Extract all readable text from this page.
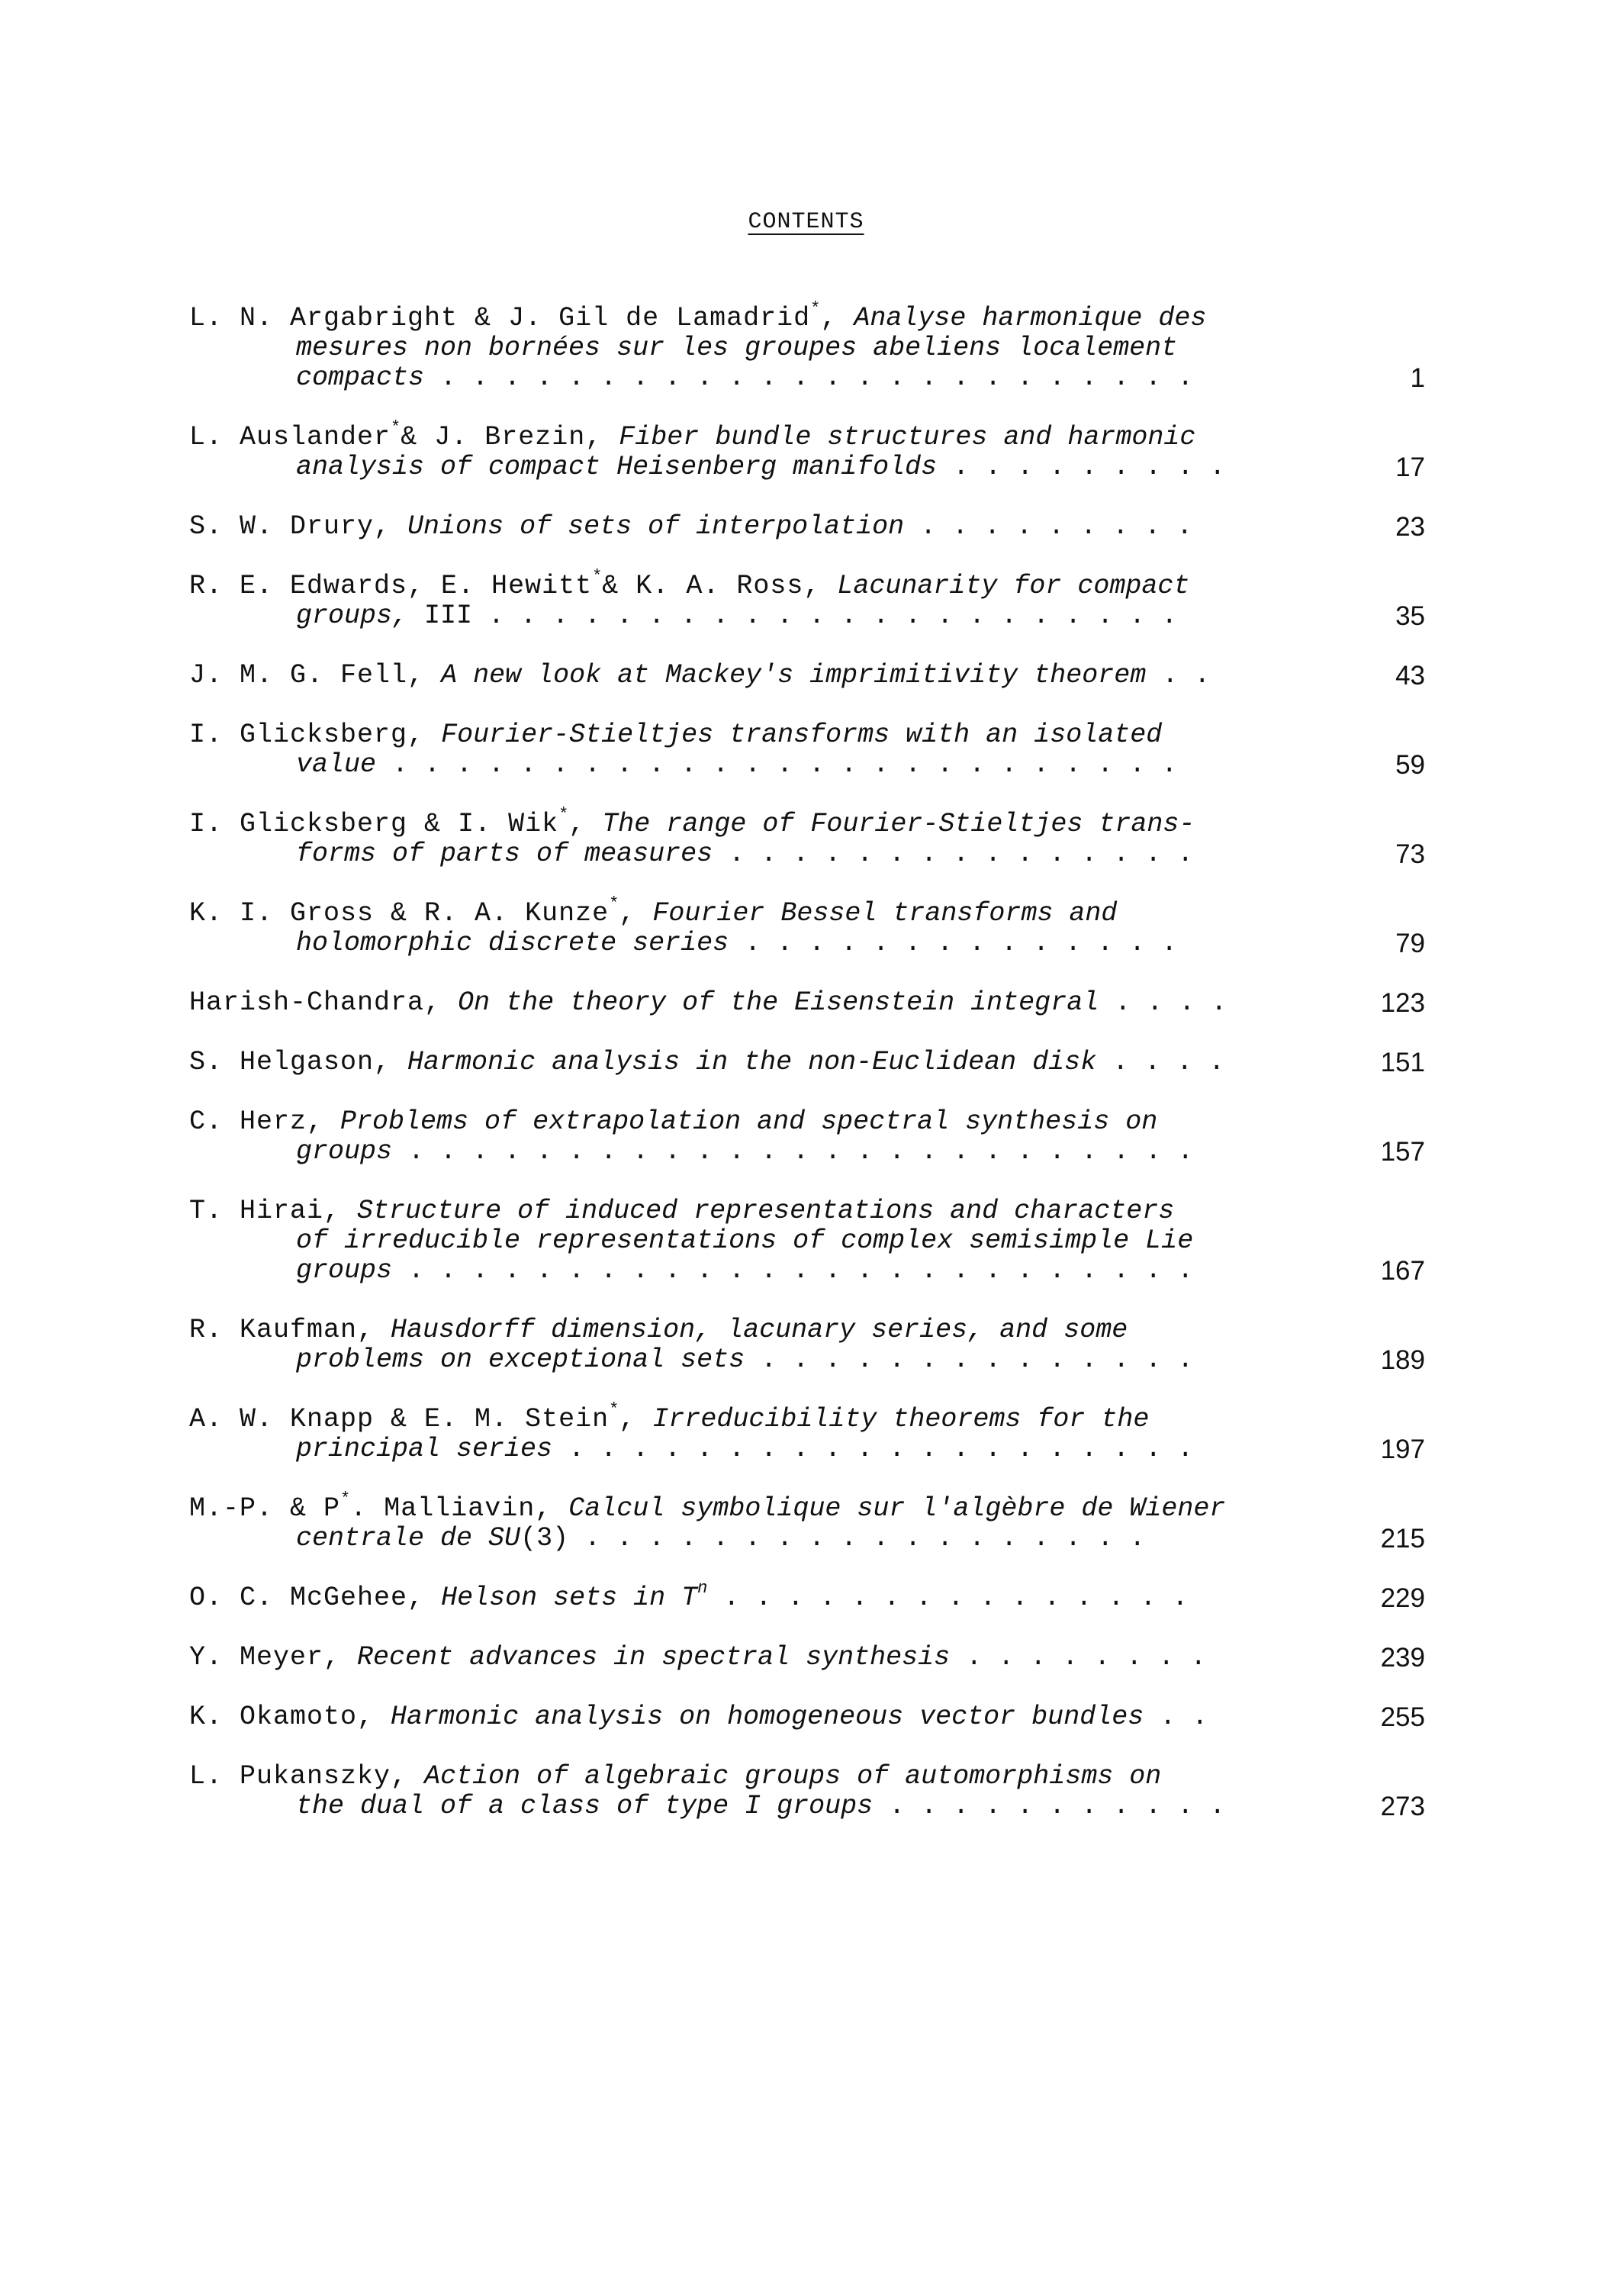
CONTENTS
L. N. Argabright & J. Gil de Lamadrid*, Analyse harmonique des
mesures non bornées sur les groupes abeliens localement
compacts . . . . . . . . . . . . . . . . . . . . . . . .	1
L. Auslander*& J. Brezin, Fiber bundle structures and harmonic
analysis of compact Heisenberg manifolds . . . . . . . . .	17
S. W. Drury, Unions of sets of interpolation . . . . . . . . .	23
R. E. Edwards, E. Hewitt*& K. A. Ross, Lacunarity for compact
groups, III . . . . . . . . . . . . . . . . . . . . . .	35
J. M. G. Fell, A new look at Mackey's imprimitivity theorem . .	43
I. Glicksberg, Fourier-Stieltjes transforms with an isolated
value . . . . . . . . . . . . . . . . . . . . . . . . .	59
I. Glicksberg & I. Wik*, The range of Fourier-Stieltjes trans-
forms of parts of measures . . . . . . . . . . . . . . .	73
K. I. Gross & R. A. Kunze*, Fourier Bessel transforms and
holomorphic discrete series . . . . . . . . . . . . . .	79
Harish-Chandra, On the theory of the Eisenstein integral . . . .	123
S. Helgason, Harmonic analysis in the non-Euclidean disk . . . .	151
C. Herz, Problems of extrapolation and spectral synthesis on
groups . . . . . . . . . . . . . . . . . . . . . . . . .	157
T. Hirai, Structure of induced representations and characters
of irreducible representations of complex semisimple Lie
groups . . . . . . . . . . . . . . . . . . . . . . . . .	167
R. Kaufman, Hausdorff dimension, lacunary series, and some
problems on exceptional sets . . . . . . . . . . . . . .	189
A. W. Knapp & E. M. Stein*, Irreducibility theorems for the
principal series . . . . . . . . . . . . . . . . . . . .	197
M.-P. & P*. Malliavin, Calcul symbolique sur l'algèbre de Wiener
centrale de SU(3) . . . . . . . . . . . . . . . . . .	215
O. C. McGehee, Helson sets in $T^n$ . . . . . . . . . . . . . . .	229
Y. Meyer, Recent advances in spectral synthesis . . . . . . . .	239
K. Okamoto, Harmonic analysis on homogeneous vector bundles . .	255
L. Pukanszky, Action of algebraic groups of automorphisms on
the dual of a class of type I groups . . . . . . . . . . .	273
